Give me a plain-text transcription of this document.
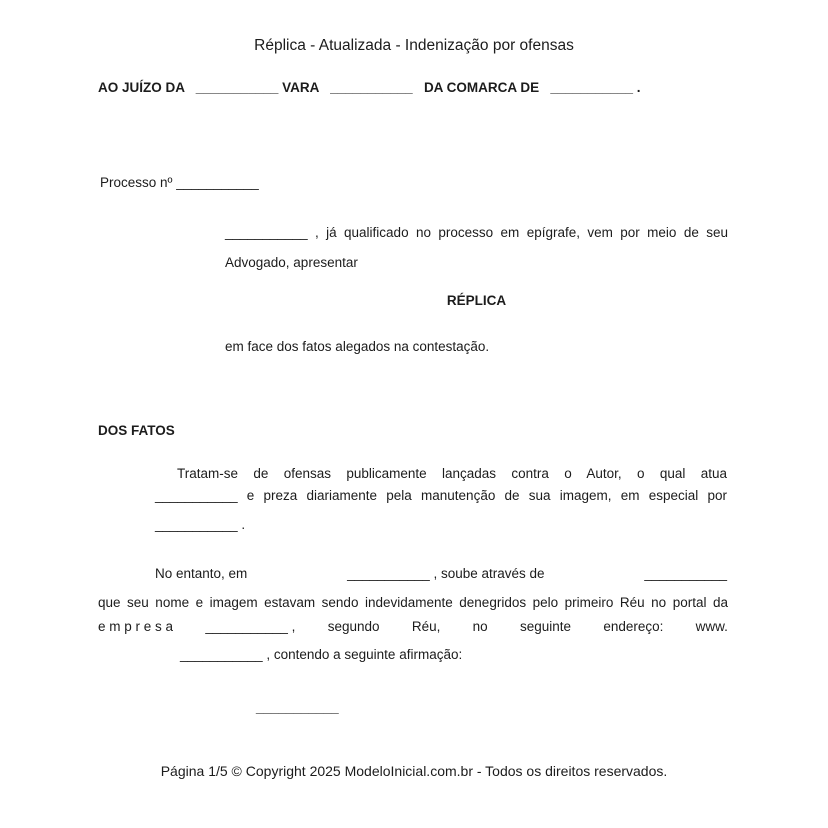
Réplica - Atualizada - Indenização por ofensas
AO JUÍZO DA   ___________ VARA   ___________   DA COMARCA DE   ___________ .
Processo nº ___________
___________ , já qualificado no processo em epígrafe, vem por meio de seu
Advogado, apresentar
RÉPLICA
em face dos fatos alegados na contestação.
DOS FATOS
Tratam-se de ofensas publicamente lançadas contra o Autor, o qual atua
___________ e preza diariamente pela manutenção de sua imagem, em especial por
___________ .
No entanto, em	___________ , soube através de	___________
que seu nome e imagem estavam sendo indevidamente denegridos pelo primeiro Réu no portal da
e m p r e s a ___________ , segundo Réu, no seguinte endereço: www.
___________ , contendo a seguinte afirmação:
___________
Página 1/5 © Copyright 2025 ModeloInicial.com.br - Todos os direitos reservados.
